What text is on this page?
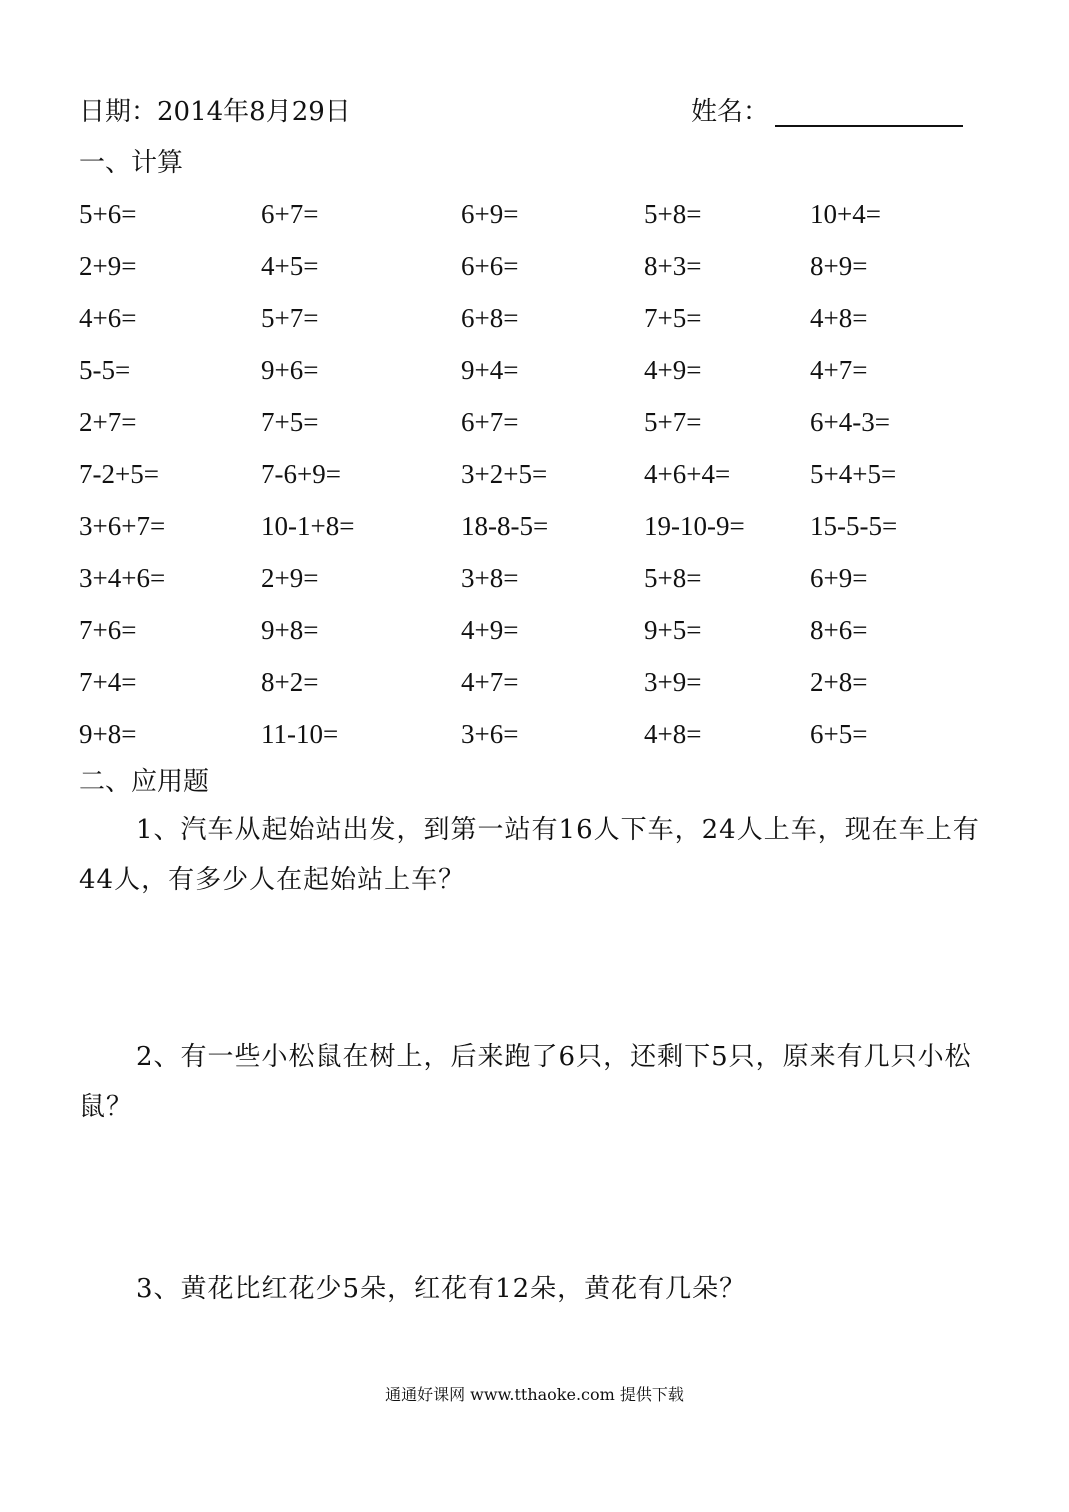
日期：2014年8月29日	姓名：
一、计算
5+6=	6+7=	6+9=	5+8=	10+4=
2+9=	4+5=	6+6=	8+3=	8+9=
4+6=	5+7=	6+8=	7+5=	4+8=
5-5=	9+6=	9+4=	4+9=	4+7=
2+7=	7+5=	6+7=	5+7=	6+4-3=
7-2+5=	7-6+9=	3+2+5=	4+6+4=	5+4+5=
3+6+7=	10-1+8=	18-8-5=	19-10-9= 15-5-5=
3+4+6=	2+9=	3+8=	5+8=	6+9=
7+6=	9+8=	4+9=	9+5=	8+6=
7+4=	8+2=	4+7=	3+9=	2+8=
9+8=	11-10=	3+6=	4+8=	6+5=
二、应用题
1、汽车从起始站出发，到第一站有16人下车，24人上车，现在车上有44人，有多少人在起始站上车？
2、有一些小松鼠在树上，后来跑了6只，还剩下5只，原来有几只小松鼠？
3、黄花比红花少5朵，红花有12朵，黄花有几朵？
通通好课网 www.tthaoke.com 提供下载
